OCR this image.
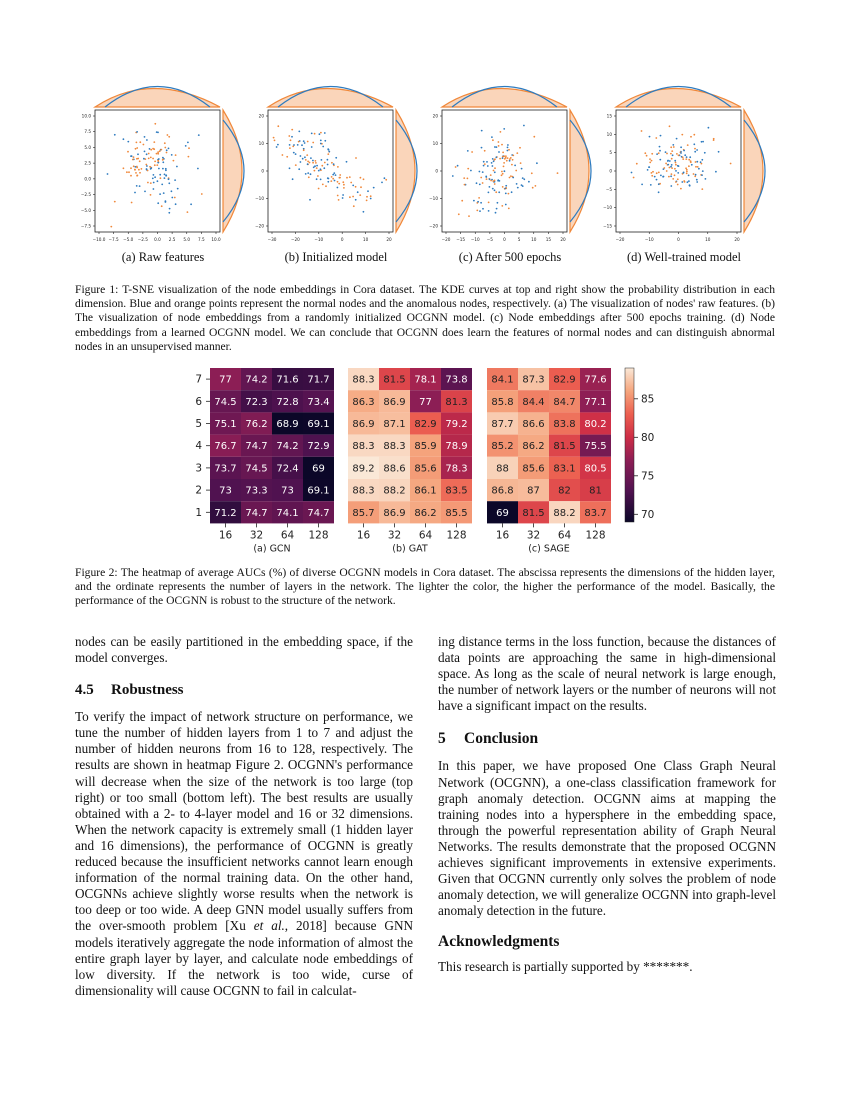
−10.0 −7.5 −5.0 −2.5 0.0 2.5 5.0 7.5 10.0
10.0
7.5
5.0
2.5
0.0
−2.5
−5.0
−7.5
−30	−20	−10	0	10	20
20
10
0
−10
−20
−20 −15 −10 −5 0	5	10 15 20
20
10
0
−10
−20
−20	−10	0	10	20
15
10
5
0
−5
−10
−15
(a) Raw features	(b) Initialized model	(c) After 500 epochs	(d) Well-trained model
Figure 1: T-SNE visualization of the node embeddings in Cora dataset. The KDE curves at top and right show the probability distribution in each dimension. Blue and orange points represent the normal nodes and the anomalous nodes, respectively. (a) The visualization of nodes' raw features. (b) The visualization of node embeddings from a randomly initialized OCGNN model. (c) Node embeddings after 500 epochs training. (d) Node embeddings from a learned OCGNN model. We can conclude that OCGNN does learn the features of normal nodes and can distinguish abnormal nodes in an unsupervised manner.
77 74.2 71.6 71.7
74.5 72.3 72.8 73.4
75.1 76.2 68.9 69.1
76.7 74.7 74.2 72.9
73.7 74.5 72.4 69
73 73.3 73 69.1
71.2 74.7 74.1 74.7
16 32 64 128
(a) GCN
88.3 81.5 78.1 73.8
86.3 86.9 77 81.3
86.9 87.1 82.9 79.2
88.3 88.3 85.9 78.9
89.2 88.6 85.6 78.3
88.3 88.2 86.1 83.5
85.7 86.9 86.2 85.5
16 32 64 128
(b) GAT
84.1 87.3 82.9 77.6
85.8 84.4 84.7 77.1
87.7 86.6 83.8 80.2
85.2 86.2 81.5 75.5
88 85.6 83.1 80.5
86.8 87 82 81
69 81.5 88.2 83.7
16 32 64 128
(c) SAGE
7
6
5
4
3
2
1
85
80
75
70
Figure 2: The heatmap of average AUCs (%) of diverse OCGNN models in Cora dataset. The abscissa represents the dimensions of the hidden layer, and the ordinate represents the number of layers in the network. The lighter the color, the higher the performance of the model. Basically, the performance of the OCGNN is robust to the structure of the network.

nodes can be easily partitioned in the embedding space, if the model converges.

4.5 Robustness

To verify the impact of network structure on performance, we tune the number of hidden layers from 1 to 7 and adjust the number of hidden neurons from 16 to 128, respectively. The results are shown in heatmap Figure 2. OCGNN's performance will decrease when the size of the network is too large (top right) or too small (bottom left). The best results are usually obtained with a 2- to 4-layer model and 16 or 32 dimensions. When the network capacity is extremely small (1 hidden layer and 16 dimensions), the performance of OCGNN is greatly reduced because the insufficient networks cannot learn enough information of the normal training data. On the other hand, OCGNNs achieve slightly worse results when the network is too deep or too wide. A deep GNN model usually suffers from the over-smooth problem [Xu et al., 2018] because GNN models iteratively aggregate the node information of almost the entire graph layer by layer, and calculate node embeddings of low diversity. If the network is too wide, curse of dimensionality will cause OCGNN to fail in calculat-

ing distance terms in the loss function, because the distances of data points are approaching the same in high-dimensional space. As long as the scale of neural network is large enough, the number of network layers or the number of neurons will not have a significant impact on the results.

5 Conclusion

In this paper, we have proposed One Class Graph Neural Network (OCGNN), a one-class classification framework for graph anomaly detection. OCGNN aims at mapping the training nodes into a hypersphere in the embedding space, through the powerful representation ability of Graph Neural Networks. The results demonstrate that the proposed OCGNN achieves significant improvements in extensive experiments. Given that OCGNN currently only solves the problem of node anomaly detection, we will generalize OCGNN into graph-level anomaly detection in the future.

Acknowledgments

This research is partially supported by *******.
